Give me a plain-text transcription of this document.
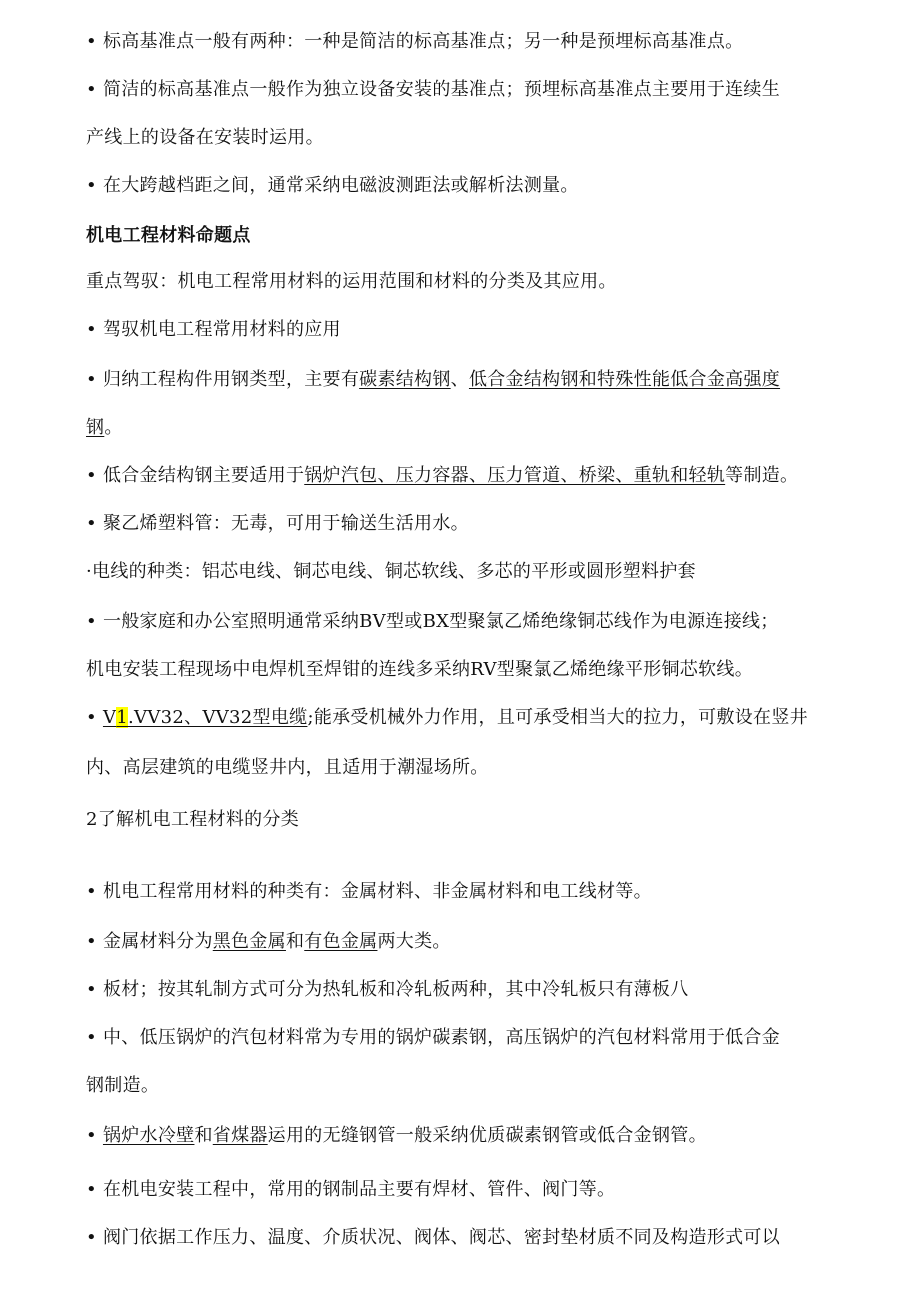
• 标高基准点一般有两种：一种是简洁的标高基准点；另一种是预埋标高基准点。
• 简洁的标高基准点一般作为独立设备安装的基准点；预埋标高基准点主要用于连续生
产线上的设备在安装时运用。
• 在大跨越档距之间，通常采纳电磁波测距法或解析法测量。
机电工程材料命题点
重点驾驭：机电工程常用材料的运用范围和材料的分类及其应用。
• 驾驭机电工程常用材料的应用
• 归纳工程构件用钢类型，主要有碳素结构钢、低合金结构钢和特殊性能低合金高强度
钢。
• 低合金结构钢主要适用于锅炉汽包、压力容器、压力管道、桥梁、重轨和轻轨等制造。
• 聚乙烯塑料管：无毒，可用于输送生活用水。
·电线的种类：铝芯电线、铜芯电线、铜芯软线、多芯的平形或圆形塑料护套
• 一般家庭和办公室照明通常采纳BV型或BX型聚氯乙烯绝缘铜芯线作为电源连接线；
机电安装工程现场中电焊机至焊钳的连线多采纳RV型聚氯乙烯绝缘平形铜芯软线。
• V1.VV32、VV32型电缆;能承受机械外力作用，且可承受相当大的拉力，可敷设在竖井
内、高层建筑的电缆竖井内，且适用于潮湿场所。
2了解机电工程材料的分类
• 机电工程常用材料的种类有：金属材料、非金属材料和电工线材等。
• 金属材料分为黑色金属和有色金属两大类。
• 板材；按其轧制方式可分为热轧板和冷轧板两种，其中冷轧板只有薄板八
• 中、低压锅炉的汽包材料常为专用的锅炉碳素钢，高压锅炉的汽包材料常用于低合金
钢制造。
• 锅炉水冷壁和省煤器运用的无缝钢管一般采纳优质碳素钢管或低合金钢管。
• 在机电安装工程中，常用的钢制品主要有焊材、管件、阀门等。
• 阀门依据工作压力、温度、介质状况、阀体、阀芯、密封垫材质不同及构造形式可以
